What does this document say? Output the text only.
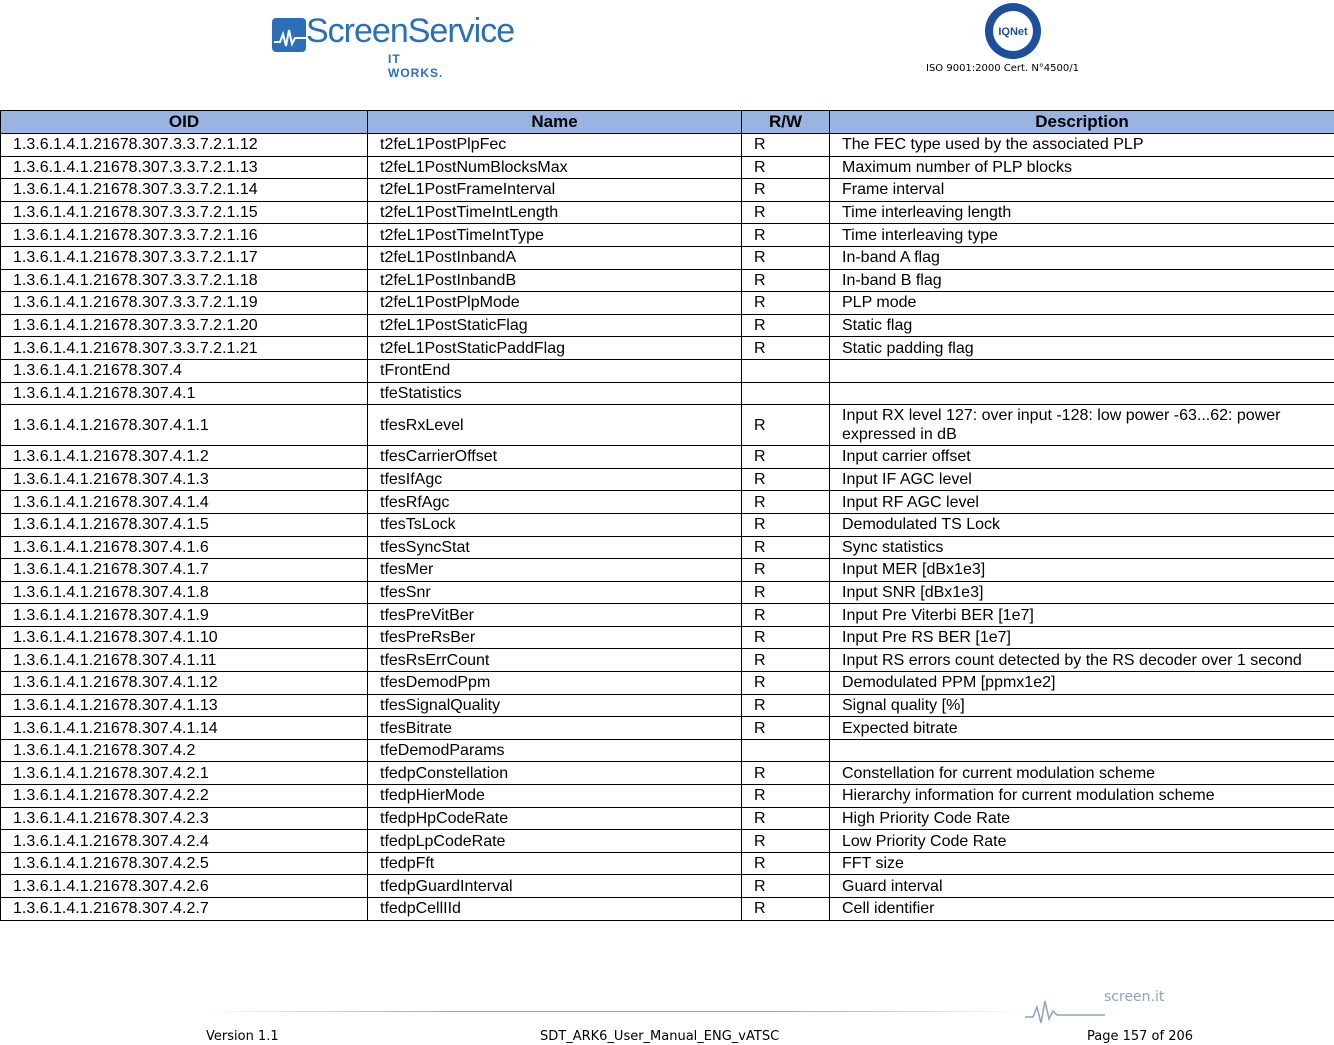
ScreenService
IT WORKS.
IQNet
ISO 9001:2000 Cert. N°4500/1
OID	Name	R/W	Description
1.3.6.1.4.1.21678.307.3.3.7.2.1.12	t2feL1PostPlpFec	R	The FEC type used by the associated PLP
1.3.6.1.4.1.21678.307.3.3.7.2.1.13	t2feL1PostNumBlocksMax	R	Maximum number of PLP blocks
1.3.6.1.4.1.21678.307.3.3.7.2.1.14	t2feL1PostFrameInterval	R	Frame interval
1.3.6.1.4.1.21678.307.3.3.7.2.1.15	t2feL1PostTimeIntLength	R	Time interleaving length
1.3.6.1.4.1.21678.307.3.3.7.2.1.16	t2feL1PostTimeIntType	R	Time interleaving type
1.3.6.1.4.1.21678.307.3.3.7.2.1.17	t2feL1PostInbandA	R	In-band A flag
1.3.6.1.4.1.21678.307.3.3.7.2.1.18	t2feL1PostInbandB	R	In-band B flag
1.3.6.1.4.1.21678.307.3.3.7.2.1.19	t2feL1PostPlpMode	R	PLP mode
1.3.6.1.4.1.21678.307.3.3.7.2.1.20	t2feL1PostStaticFlag	R	Static flag
1.3.6.1.4.1.21678.307.3.3.7.2.1.21	t2feL1PostStaticPaddFlag	R	Static padding flag
1.3.6.1.4.1.21678.307.4	tFrontEnd		
1.3.6.1.4.1.21678.307.4.1	tfeStatistics		
1.3.6.1.4.1.21678.307.4.1.1	tfesRxLevel	R	Input RX level 127: over input -128: low power -63...62: power expressed in dB
1.3.6.1.4.1.21678.307.4.1.2	tfesCarrierOffset	R	Input carrier offset
1.3.6.1.4.1.21678.307.4.1.3	tfesIfAgc	R	Input IF AGC level
1.3.6.1.4.1.21678.307.4.1.4	tfesRfAgc	R	Input RF AGC level
1.3.6.1.4.1.21678.307.4.1.5	tfesTsLock	R	Demodulated TS Lock
1.3.6.1.4.1.21678.307.4.1.6	tfesSyncStat	R	Sync statistics
1.3.6.1.4.1.21678.307.4.1.7	tfesMer	R	Input MER [dBx1e3]
1.3.6.1.4.1.21678.307.4.1.8	tfesSnr	R	Input SNR [dBx1e3]
1.3.6.1.4.1.21678.307.4.1.9	tfesPreVitBer	R	Input Pre Viterbi BER [1e7]
1.3.6.1.4.1.21678.307.4.1.10	tfesPreRsBer	R	Input Pre RS BER [1e7]
1.3.6.1.4.1.21678.307.4.1.11	tfesRsErrCount	R	Input RS errors count detected by the RS decoder over 1 second
1.3.6.1.4.1.21678.307.4.1.12	tfesDemodPpm	R	Demodulated PPM [ppmx1e2]
1.3.6.1.4.1.21678.307.4.1.13	tfesSignalQuality	R	Signal quality [%]
1.3.6.1.4.1.21678.307.4.1.14	tfesBitrate	R	Expected bitrate
1.3.6.1.4.1.21678.307.4.2	tfeDemodParams		
1.3.6.1.4.1.21678.307.4.2.1	tfedpConstellation	R	Constellation for current modulation scheme
1.3.6.1.4.1.21678.307.4.2.2	tfedpHierMode	R	Hierarchy information for current modulation scheme
1.3.6.1.4.1.21678.307.4.2.3	tfedpHpCodeRate	R	High Priority Code Rate
1.3.6.1.4.1.21678.307.4.2.4	tfedpLpCodeRate	R	Low Priority Code Rate
1.3.6.1.4.1.21678.307.4.2.5	tfedpFft	R	FFT size
1.3.6.1.4.1.21678.307.4.2.6	tfedpGuardInterval	R	Guard interval
1.3.6.1.4.1.21678.307.4.2.7	tfedpCellIId	R	Cell identifier
screen.it
Version 1.1	SDT_ARK6_User_Manual_ENG_vATSC	Page 157 of 206
